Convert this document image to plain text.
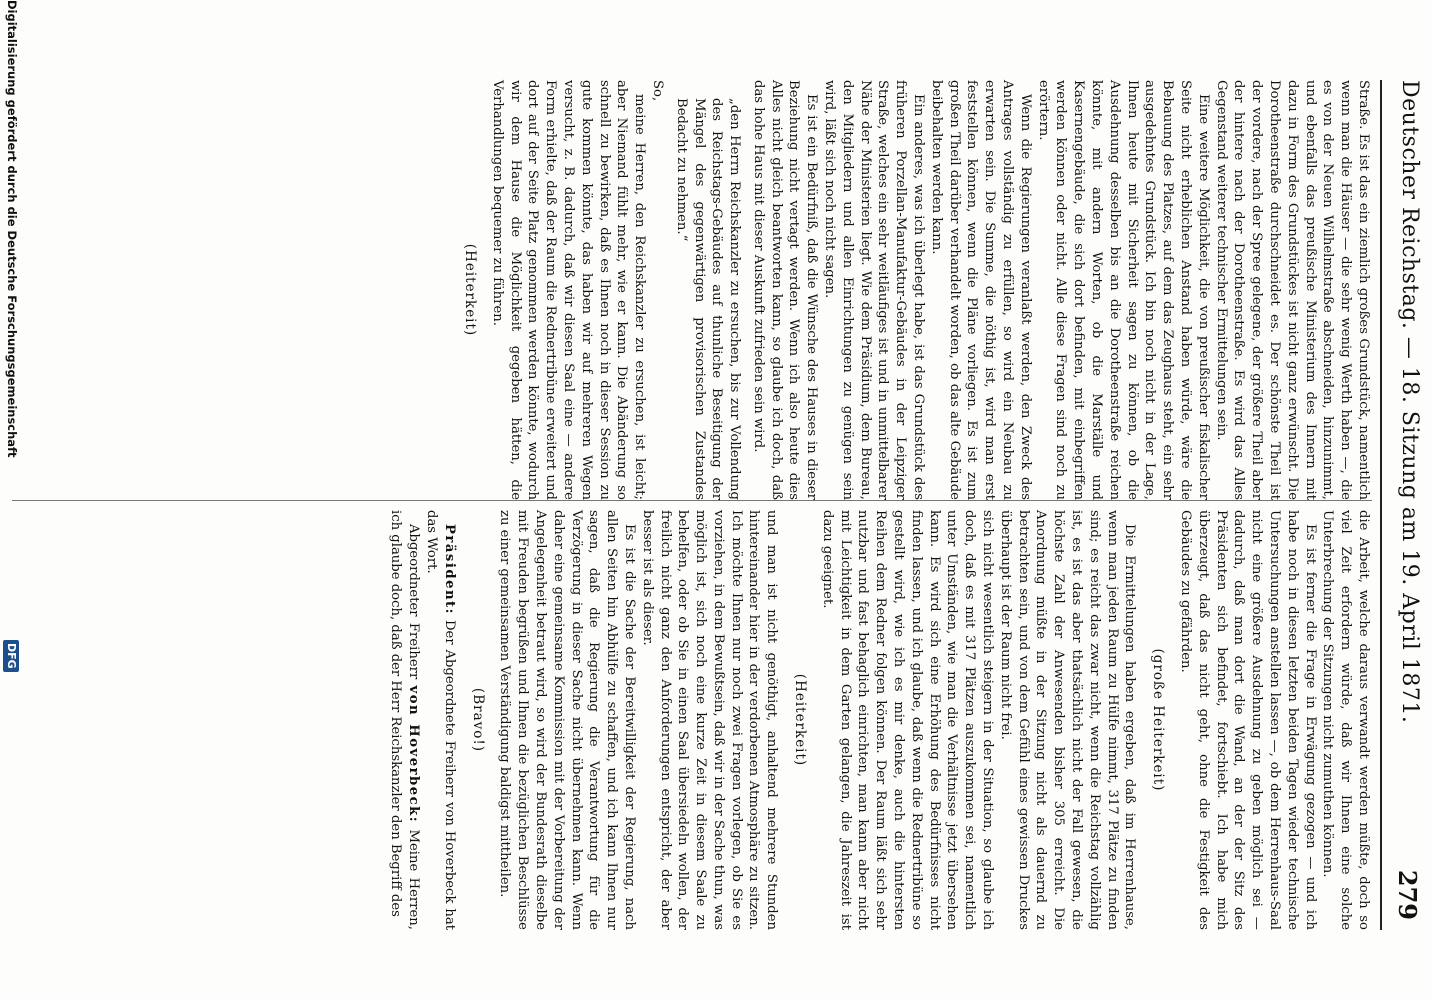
Deutscher Reichstag. — 18. Sitzung am 19. April 1871.
279

Straße. Es ist das ein ziemlich großes Grundstück, namentlich wenn man die Häuser — die sehr wenig Werth haben —, die es von der Neuen Wilhelmstraße abschneiden, hinzunimmt, und ebenfalls das preußische Ministerium des Innern mit dazu in Form des Grundstückes ist nicht ganz erwünscht. Die Dorotheenstraße durchschneidet es. Der schönste Theil ist der vordere, nach der Spree gelegene, der größere Theil aber der hintere nach der Dorotheenstraße. Es wird das Alles Gegenstand weiterer technischer Ermittelungen sein.

Eine weitere Möglichkeit, die von preußischer fiskalischer Seite nicht erheblichen Anstand haben würde, wäre die Bebauung des Platzes, auf dem das Zeughaus steht, ein sehr ausgedehntes Grundstück. Ich bin noch nicht in der Lage, Ihnen heute mit Sicherheit sagen zu können, ob die Ausdehnung desselben bis an die Dorotheenstraße reichen könnte, mit andern Worten, ob die Marställe und Kasernengebäude, die sich dort befinden, mit einbegriffen werden können oder nicht. Alle diese Fragen sind noch zu erörtern.

Wenn die Regierungen veranlaßt werden, den Zweck des Antrages vollständig zu erfüllen, so wird ein Neubau zu erwarten sein. Die Summe, die nöthig ist, wird man erst feststellen können, wenn die Pläne vorliegen. Es ist zum großen Theil darüber verhandelt worden, ob das alte Gebäude beibehalten werden kann.

Ein anderes, was ich überlegt habe, ist das Grundstück des früheren Porzellan-Manufaktur-Gebäudes in der Leipziger Straße, welches ein sehr weitläufiges ist und in unmittelbarer Nähe der Ministerien liegt. Wie dem Präsidium, dem Bureau, den Mitgliedern und allen Einrichtungen zu genügen sein wird, läßt sich noch nicht sagen.

Es ist ein Bedürfniß, daß die Wünsche des Hauses in dieser Beziehung nicht vertagt werden. Wenn ich also heute dies Alles nicht gleich beantworten kann, so glaube ich doch, daß das hohe Haus mit dieser Auskunft zufrieden sein wird.

„den Herrn Reichskanzler zu ersuchen, bis zur Vollendung des Reichstags-Gebäudes auf thunliche Beseitigung der Mängel des gegenwärtigen provisorischen Zustandes Bedacht zu nehmen.“

So,

meine Herren, den Reichskanzler zu ersuchen, ist leicht; aber Niemand fühlt mehr, wie er kann. Die Abänderung so schnell zu bewirken, daß es Ihnen noch in dieser Session zu gute kommen könnte, das haben wir auf mehreren Wegen versucht, z. B. dadurch, daß wir diesen Saal eine — andere Form erhielte, daß der Raum die Rednertribüne erweitert und dort auf der Seite Platz genommen werden könnte, wodurch wir dem Hause die Möglichkeit gegeben hätten, die Verhandlungen bequemer zu führen.

(Heiterkeit)

die Arbeit, welche daraus verwandt werden müßte, doch so viel Zeit erfordern würde, daß wir Ihnen eine solche Unterbrechung der Sitzungen nicht zumuthen können.

Es ist ferner die Frage in Erwägung gezogen — und ich habe noch in diesen letzten beiden Tagen wieder technische Untersuchungen anstellen lassen —, ob dem Herrenhaus-Saal nicht eine größere Ausdehnung zu geben möglich sei — dadurch, daß man dort die Wand, an der der Sitz des Präsidenten sich befindet, fortschiebt. Ich habe mich überzeugt, daß das nicht geht, ohne die Festigkeit des Gebäudes zu gefährden.

(große Heiterkeit)

Die Ermittelungen haben ergeben, daß im Herrenhause, wenn man jeden Raum zu Hülfe nimmt, 317 Plätze zu finden sind; es reicht das zwar nicht, wenn die Reichstag vollzählig ist, es ist das aber thatsächlich nicht der Fall gewesen, die höchste Zahl der Anwesenden bisher 305 erreicht. Die Anordnung müßte in der Sitzung nicht als dauernd zu betrachten sein, und von dem Gefühl eines gewissen Druckes überhaupt ist der Raum nicht frei.

sich nicht wesentlich steigern in der Situation, so glaube ich doch, daß es mit 317 Plätzen auszukommen sei, namentlich unter Umständen, wie man die Verhältnisse jetzt übersehen kann. Es wird sich eine Erhöhung des Bedürfnisses nicht finden lassen, und ich glaube, daß wenn die Rednertribüne so gestellt wird, wie ich es mir denke, auch die hintersten Reihen dem Redner folgen können. Der Raum läßt sich sehr nutzbar und fast behaglich einrichten, man kann aber nicht mit Leichtigkeit in dem Garten gelangen, die Jahreszeit ist dazu geeignet.

(Heiterkeit)

und man ist nicht genöthigt, anhaltend mehrere Stunden hintereinander hier in der verdorbenen Atmosphäre zu sitzen. Ich möchte Ihnen nur noch zwei Fragen vorlegen, ob Sie es vorziehen, in dem Bewußtsein, daß wir in der Sache thun, was möglich ist, sich noch eine kurze Zeit in diesem Saale zu behelfen, oder ob Sie in einen Saal übersiedeln wollen, der freilich nicht ganz den Anforderungen entspricht, der aber besser ist als dieser.

Es ist die Sache der Bereitwilligkeit der Regierung, nach allen Seiten hin Abhülfe zu schaffen, und ich kann Ihnen nur sagen, daß die Regierung die Verantwortung für die Verzögerung in dieser Sache nicht übernehmen kann. Wenn daher eine gemeinsame Kommission mit der Vorbereitung der Angelegenheit betraut wird, so wird der Bundesrath dieselbe mit Freuden begrüßen und Ihnen die bezüglichen Beschlüsse zu einer gemeinsamen Verständigung baldigst mittheilen.

(Bravo!)

Präsident: Der Abgeordnete Freiherr von Hoverbeck hat das Wort.

Abgeordneter Freiherr von Hoverbeck: Meine Herren, ich glaube doch, daß der Herr Reichskanzler den Begriff des

Digitalisierung gefördert durch die Deutsche Forschungsgemeinschaft
DFG
